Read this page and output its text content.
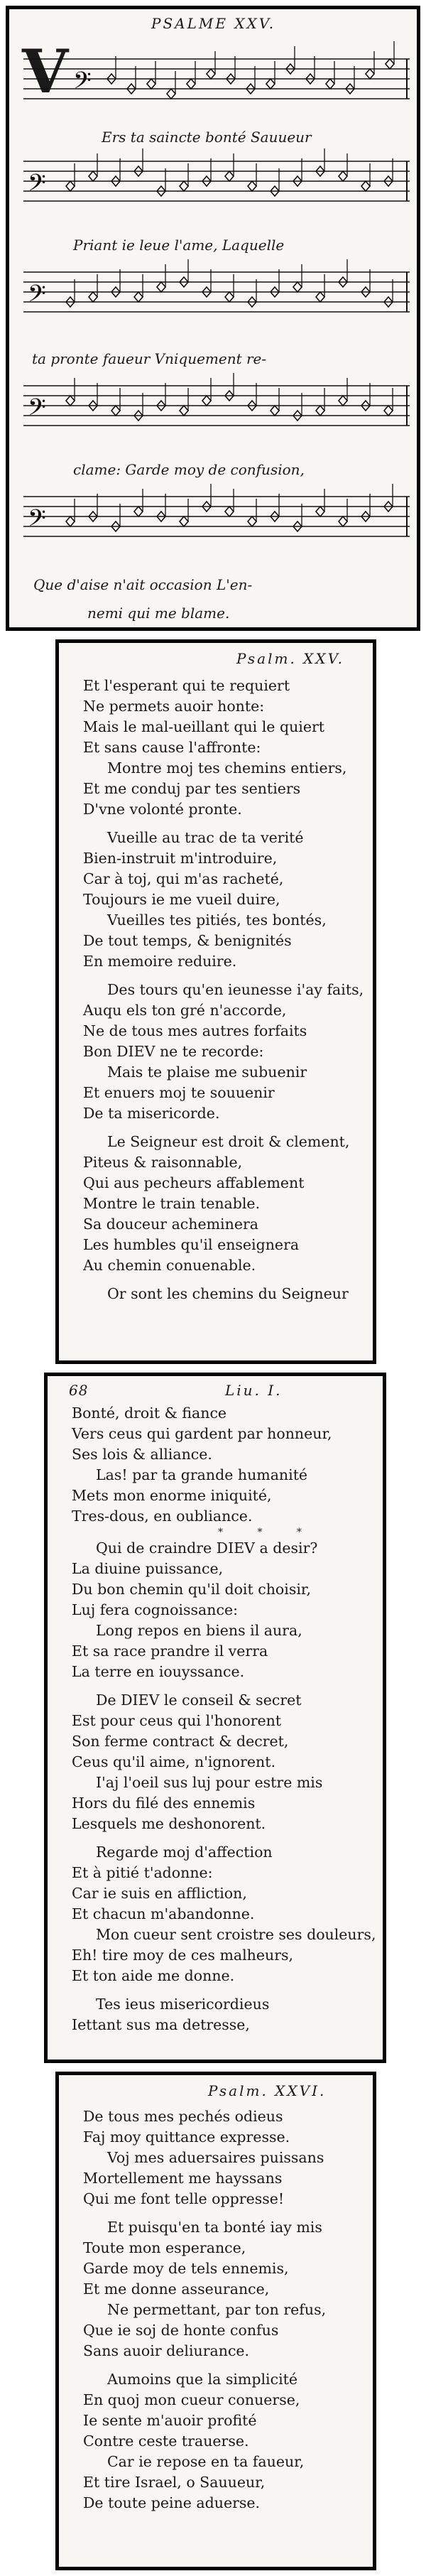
PSALME XXV.
V 𝄢
Ers ta saincte bonté Sauueur
𝄢
Priant ie leue l'ame, Laquelle
𝄢
ta pronte faueur Vniquement re-
𝄢
clame: Garde moy de confusion,
𝄢
Que d'aise n'ait occasion L'en-
nemi qui me blame.
Psalm. XXV.
Et l'esperant qui te requiert
Ne permets auoir honte:
Mais le mal-ueillant qui le quiert
Et sans cause l'affronte:
Montre moj tes chemins entiers,
Et me conduj par tes sentiers
D'vne volonté pronte.
Vueille au trac de ta verité
Bien-instruit m'introduire,
Car à toj, qui m'as racheté,
Toujours ie me vueil duire,
Vueilles tes pitiés, tes bontés,
De tout temps, & benignités
En memoire reduire.
Des tours qu'en ieunesse i'ay faits,
Auqu els ton gré n'accorde,
Ne de tous mes autres forfaits
Bon DIEV ne te recorde:
Mais te plaise me subuenir
Et enuers moj te souuenir
De ta misericorde.
Le Seigneur est droit & clement,
Piteus & raisonnable,
Qui aus pecheurs affablement
Montre le train tenable.
Sa douceur acheminera
Les humbles qu'il enseignera
Au chemin conuenable.
Or sont les chemins du Seigneur
68	Liu. I.
Bonté, droit & fiance
Vers ceus qui gardent par honneur,
Ses lois & alliance.
Las! par ta grande humanité
Mets mon enorme iniquité,
Tres-dous, en oubliance.
* * *
Qui de craindre DIEV a desir?
La diuine puissance,
Du bon chemin qu'il doit choisir,
Luj fera cognoissance:
Long repos en biens il aura,
Et sa race prandre il verra
La terre en iouyssance.
De DIEV le conseil & secret
Est pour ceus qui l'honorent
Son ferme contract & decret,
Ceus qu'il aime, n'ignorent.
I'aj l'oeil sus luj pour estre mis
Hors du filé des ennemis
Lesquels me deshonorent.
Regarde moj d'affection
Et à pitié t'adonne:
Car ie suis en affliction,
Et chacun m'abandonne.
Mon cueur sent croistre ses douleurs,
Eh! tire moy de ces malheurs,
Et ton aide me donne.
Tes ieus misericordieus
Iettant sus ma detresse,
Psalm. XXVI.
De tous mes pechés odieus
Faj moy quittance expresse.
Voj mes aduersaires puissans
Mortellement me hayssans
Qui me font telle oppresse!
Et puisqu'en ta bonté iay mis
Toute mon esperance,
Garde moy de tels ennemis,
Et me donne asseurance,
Ne permettant, par ton refus,
Que ie soj de honte confus
Sans auoir deliurance.
Aumoins que la simplicité
En quoj mon cueur conuerse,
Ie sente m'auoir profité
Contre ceste trauerse.
Car ie repose en ta faueur,
Et tire Israel, o Sauueur,
De toute peine aduerse.
